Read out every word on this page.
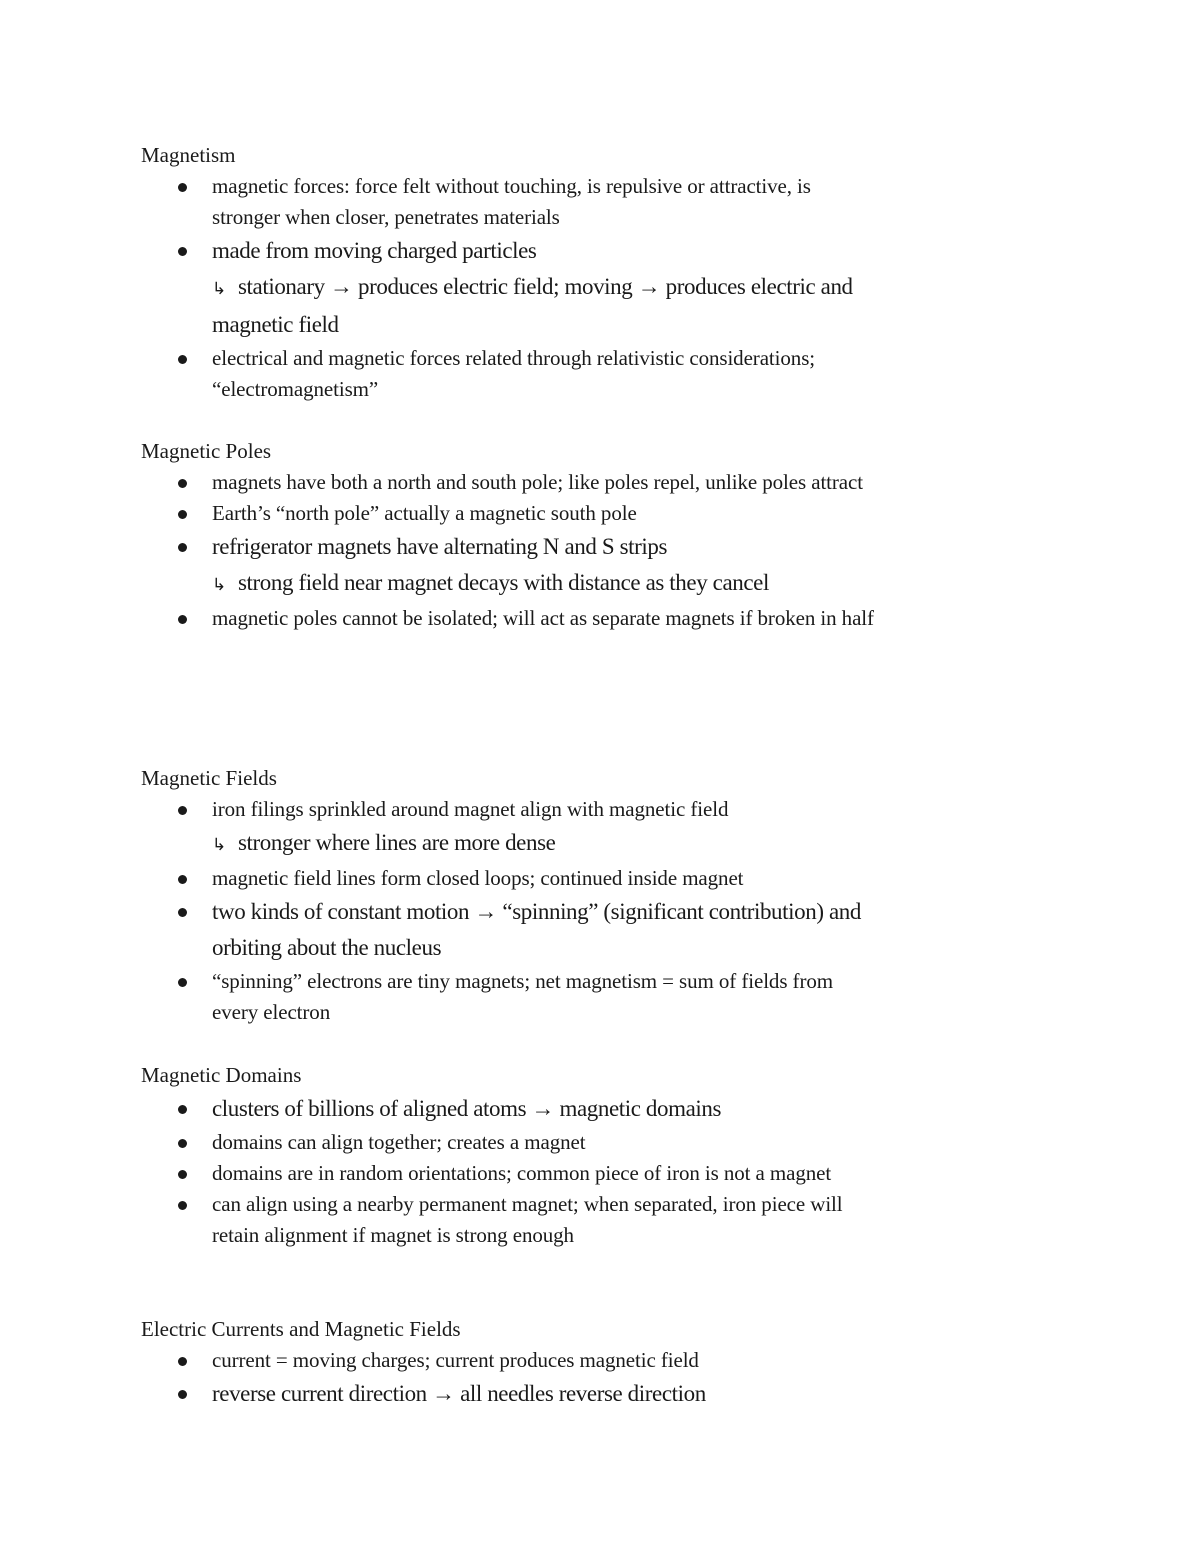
Magnetism
magnetic forces: force felt without touching, is repulsive or attractive, is stronger when closer, penetrates materials
made from moving charged particles
↳ stationary → produces electric field; moving → produces electric and magnetic field
electrical and magnetic forces related through relativistic considerations; “electromagnetism”
Magnetic Poles
magnets have both a north and south pole; like poles repel, unlike poles attract
Earth’s “north pole” actually a magnetic south pole
refrigerator magnets have alternating N and S strips
↳ strong field near magnet decays with distance as they cancel
magnetic poles cannot be isolated; will act as separate magnets if broken in half
Magnetic Fields
iron filings sprinkled around magnet align with magnetic field
↳ stronger where lines are more dense
magnetic field lines form closed loops; continued inside magnet
two kinds of constant motion → “spinning” (significant contribution) and orbiting about the nucleus
“spinning” electrons are tiny magnets; net magnetism = sum of fields from every electron
Magnetic Domains
clusters of billions of aligned atoms → magnetic domains
domains can align together; creates a magnet
domains are in random orientations; common piece of iron is not a magnet
can align using a nearby permanent magnet; when separated, iron piece will retain alignment if magnet is strong enough
Electric Currents and Magnetic Fields
current = moving charges; current produces magnetic field
reverse current direction → all needles reverse direction
